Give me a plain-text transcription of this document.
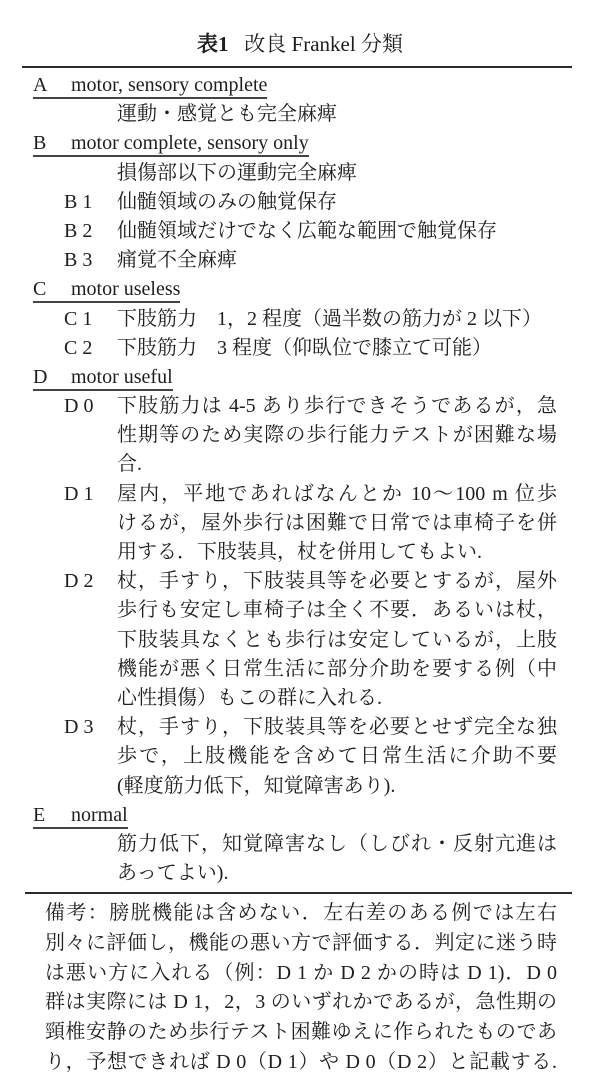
表1 改良 Frankel 分類
A motor, sensory complete
運動・感覚とも完全麻痺
B motor complete, sensory only
損傷部以下の運動完全麻痺
B 1 仙髄領域のみの触覚保存
B 2 仙髄領域だけでなく広範な範囲で触覚保存
B 3 痛覚不全麻痺
C motor useless
C 1 下肢筋力　1，2 程度（過半数の筋力が 2 以下）
C 2 下肢筋力　3 程度（仰臥位で膝立て可能）
D motor useful
D 0 下肢筋力は 4-5 あり歩行できそうであるが，急
性期等のため実際の歩行能力テストが困難な場
合.
D 1 屋内，平地であればなんとか 10〜100 m 位歩
けるが，屋外歩行は困難で日常では車椅子を併
用する．下肢装具，杖を併用してもよい.
D 2 杖，手すり，下肢装具等を必要とするが，屋外
歩行も安定し車椅子は全く不要．あるいは杖，
下肢装具なくとも歩行は安定しているが，上肢
機能が悪く日常生活に部分介助を要する例（中
心性損傷）もこの群に入れる.
D 3 杖，手すり，下肢装具等を必要とせず完全な独
歩で，上肢機能を含めて日常生活に介助不要
(軽度筋力低下，知覚障害あり).
E normal
筋力低下，知覚障害なし（しびれ・反射亢進は
あってよい).
備考：膀胱機能は含めない．左右差のある例では左右
別々に評価し，機能の悪い方で評価する．判定に迷う時
は悪い方に入れる（例：D 1 か D 2 かの時は D 1)．D 0
群は実際には D 1，2，3 のいずれかであるが，急性期の
頸椎安静のため歩行テスト困難ゆえに作られたものであ
り，予想できれば D 0（D 1）や D 0（D 2）と記載する.
